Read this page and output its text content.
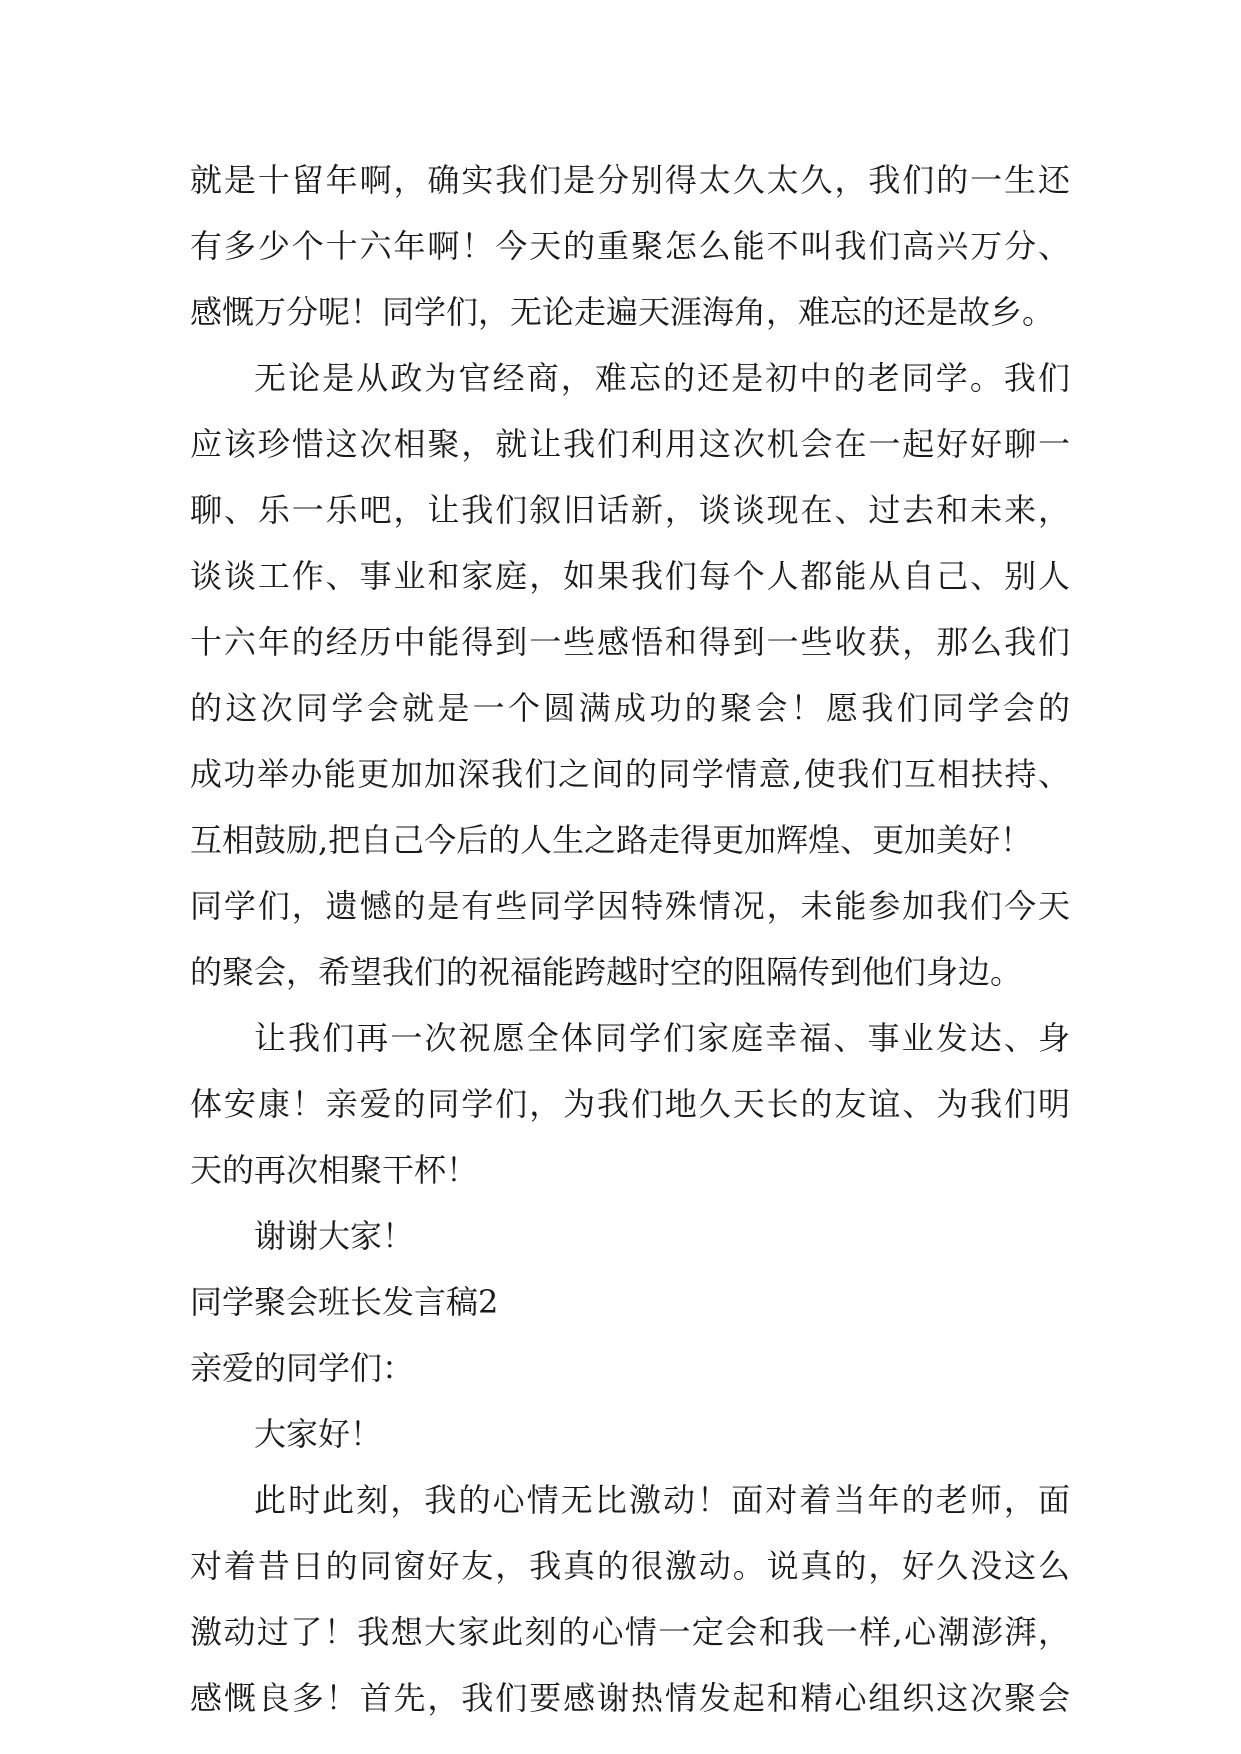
就是十留年啊，确实我们是分别得太久太久，我们的一生还
有多少个十六年啊！今天的重聚怎么能不叫我们高兴万分、
感慨万分呢！同学们，无论走遍天涯海角，难忘的还是故乡。
无论是从政为官经商，难忘的还是初中的老同学。我们
应该珍惜这次相聚，就让我们利用这次机会在一起好好聊一
聊、乐一乐吧，让我们叙旧话新，谈谈现在、过去和未来，
谈谈工作、事业和家庭，如果我们每个人都能从自己、别人
十六年的经历中能得到一些感悟和得到一些收获，那么我们
的这次同学会就是一个圆满成功的聚会！愿我们同学会的
成功举办能更加加深我们之间的同学情意,使我们互相扶持、
互相鼓励,把自己今后的人生之路走得更加辉煌、更加美好！
同学们，遗憾的是有些同学因特殊情况，未能参加我们今天
的聚会，希望我们的祝福能跨越时空的阻隔传到他们身边。
让我们再一次祝愿全体同学们家庭幸福、事业发达、身
体安康！亲爱的同学们，为我们地久天长的友谊、为我们明
天的再次相聚干杯！
谢谢大家！
同学聚会班长发言稿2
亲爱的同学们：
大家好！
此时此刻，我的心情无比激动！面对着当年的老师，面
对着昔日的同窗好友，我真的很激动。说真的，好久没这么
激动过了！我想大家此刻的心情一定会和我一样,心潮澎湃，
感慨良多！首先，我们要感谢热情发起和精心组织这次聚会
